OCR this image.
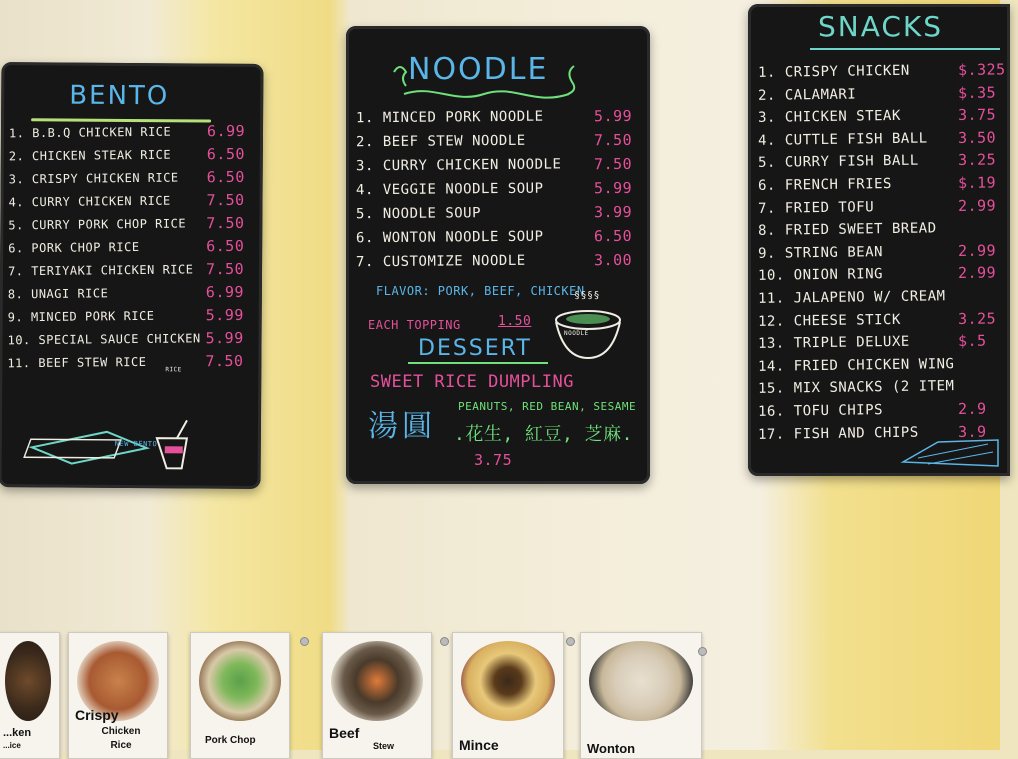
BENTO
1. B.B.Q CHICKEN RICE 6.99
2. CHICKEN STEAK RICE 6.50
3. CRISPY CHICKEN RICE 6.50
4. CURRY CHICKEN RICE 7.50
5. CURRY PORK CHOP RICE 7.50
6. PORK CHOP RICE	6.50
7. TERIYAKI CHICKEN RICE 7.50
8. UNAGI RICE	6.99
9. MINCED PORK RICE	5.99
10. SPECIAL SAUCE CHICKEN 5.99
11. BEEF STEW RICE	7.50
NEW BENTO
RICE
NOODLE
1. MINCED PORK NOODLE	5.99
2. BEEF STEW NOODLE	7.50
3. CURRY CHICKEN NOODLE 7.50
4. VEGGIE NOODLE SOUP	5.99
5. NOODLE SOUP	3.99
6. WONTON NOODLE SOUP	6.50
7. CUSTOMIZE NOODLE	3.00
FLAVOR: PORK, BEEF, CHICKEN
§§§§
EACH TOPPING	1.50
NOODLE
DESSERT
SWEET RICE DUMPLING
湯圓
PEANUTS, RED BEAN, SESAME
.花生, 紅豆, 芝麻.
3.75
SNACKS
1. CRISPY CHICKEN	$.325
2. CALAMARI	$.35
3. CHICKEN STEAK	3.75
4. CUTTLE FISH BALL 3.50
5. CURRY FISH BALL	3.25
6. FRENCH FRIES	$.19
7. FRIED TOFU	2.99
8. FRIED SWEET BREAD
9. STRING BEAN	2.99
10. ONION RING	2.99
11. JALAPENO W/ CREAM
12. CHEESE STICK	3.25
13. TRIPLE DELUXE	$.5
14. FRIED CHICKEN WING
15. MIX SNACKS (2 ITEM
16. TOFU CHIPS	2.9
17. FISH AND CHIPS	3.9
...ken
...ice
Crispy
Chicken Rice	Pork Chop	Beef
Stew	Mince	Wonton
